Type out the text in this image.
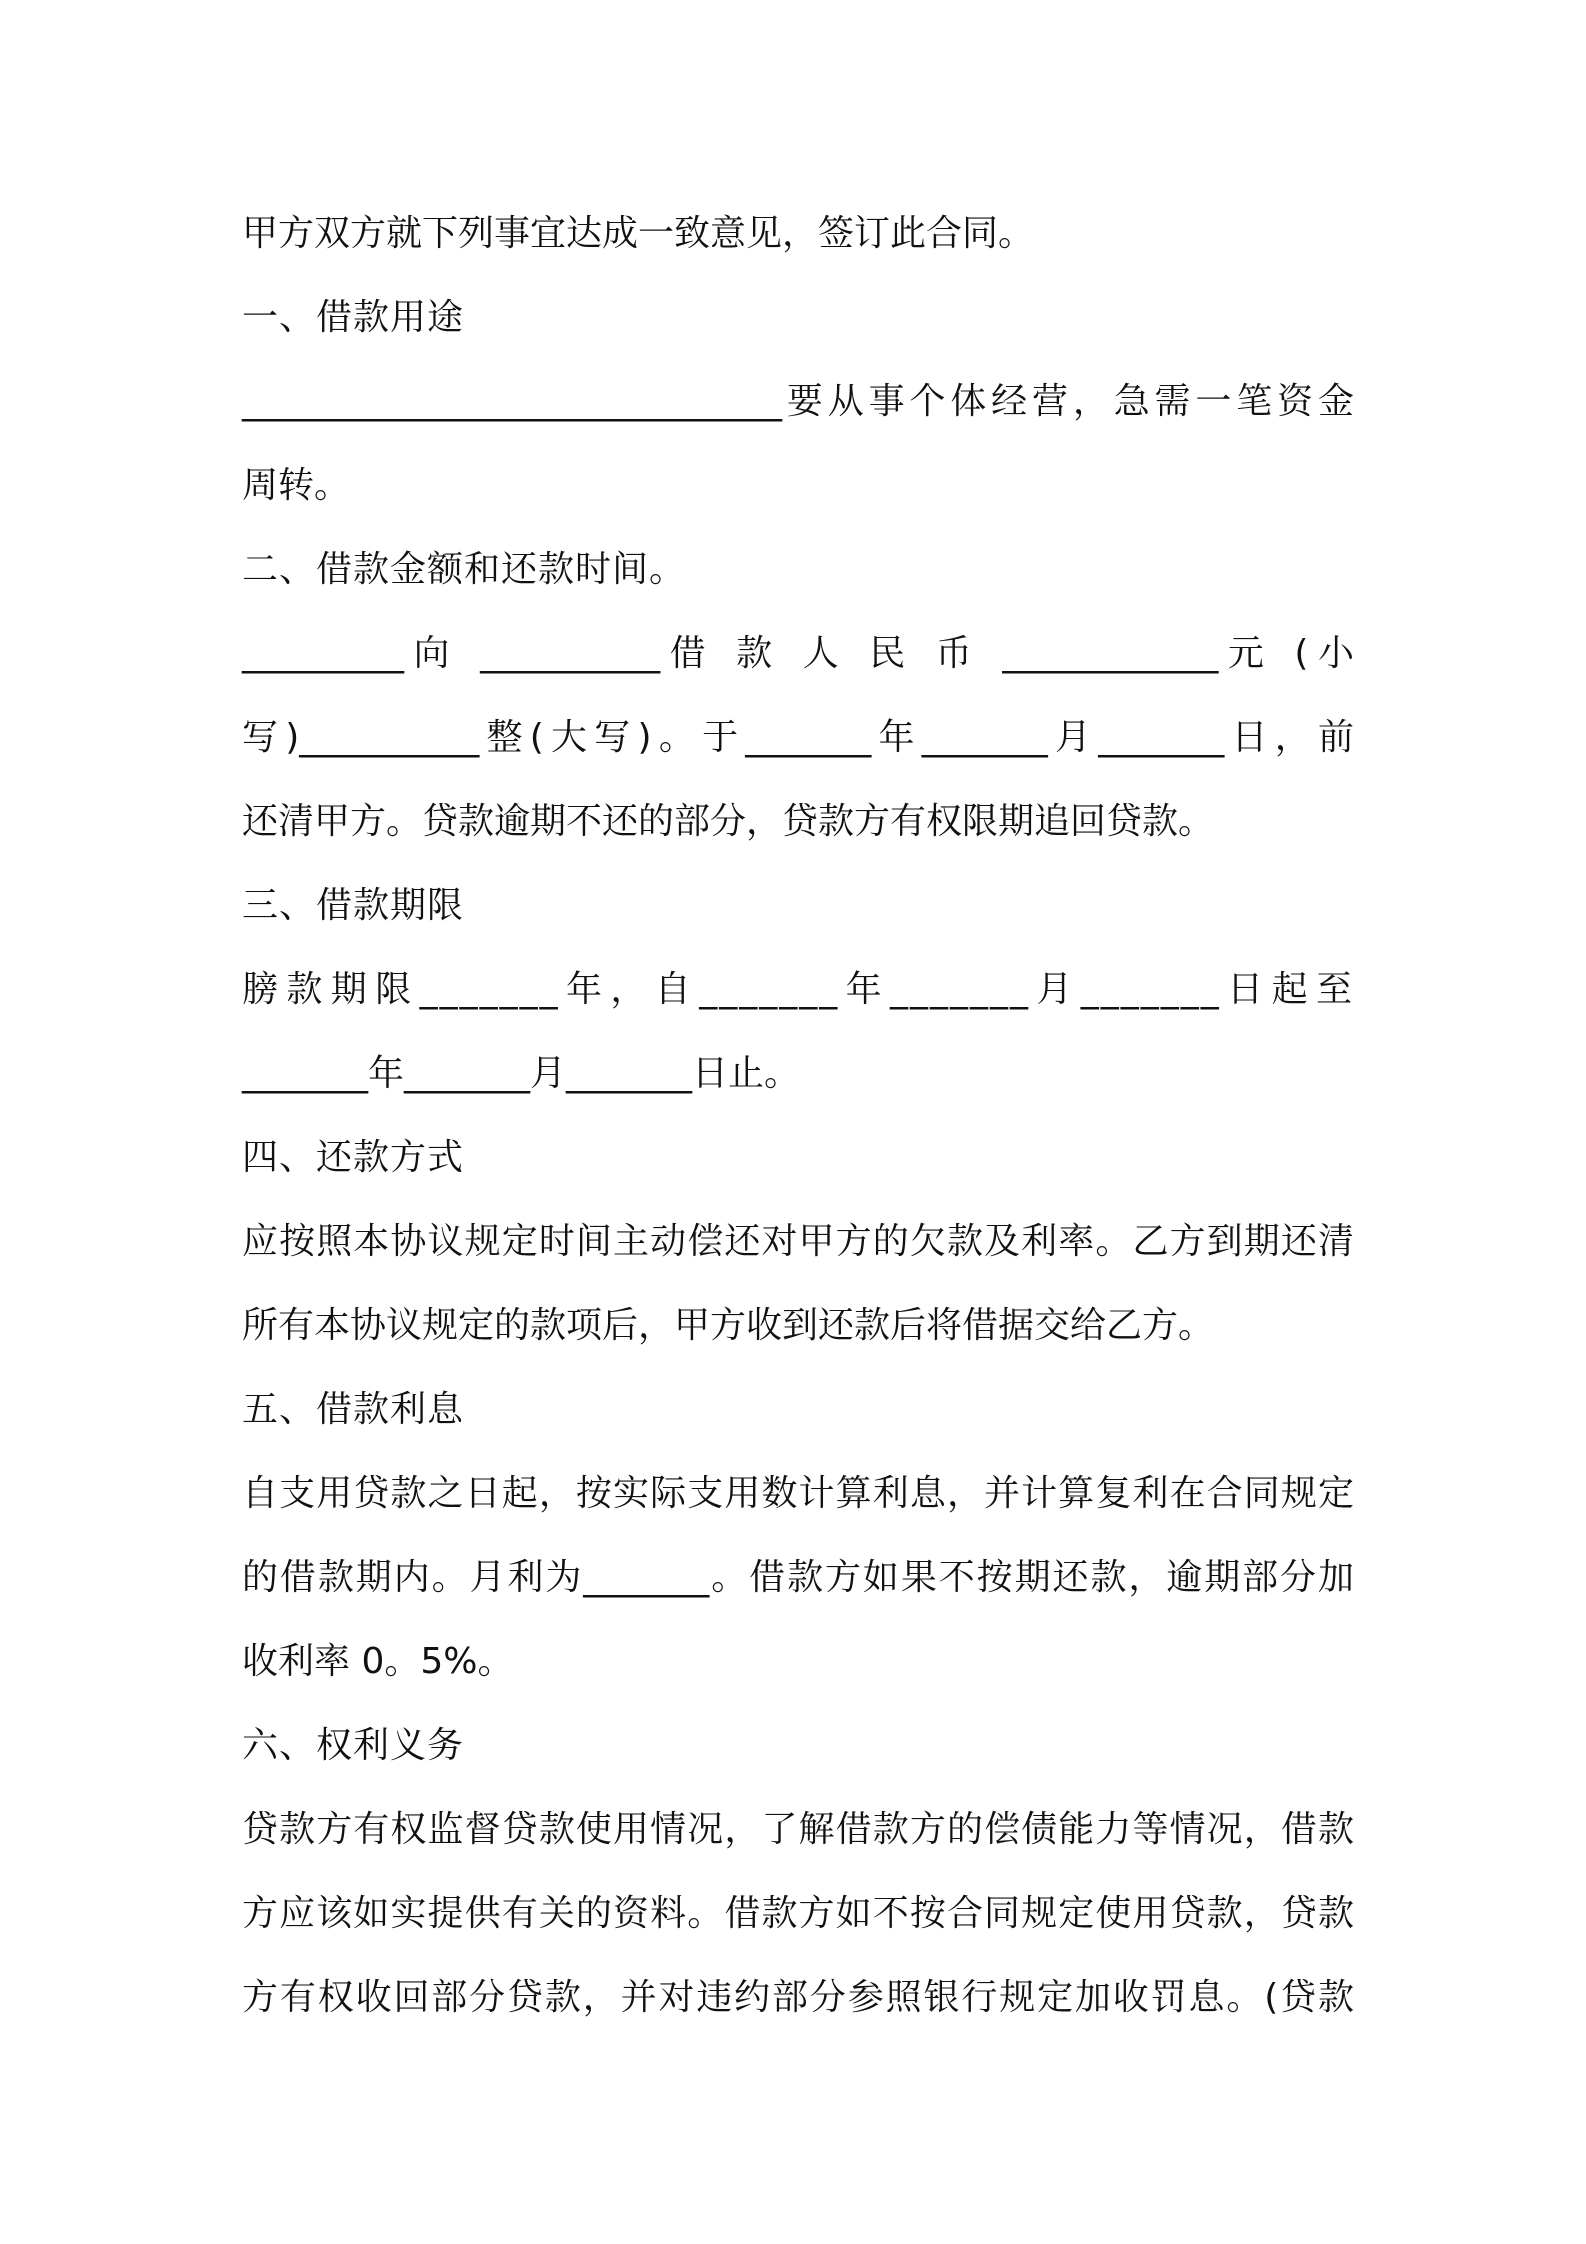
甲方双方就下列事宜达成一致意见，签订此合同。
一、借款用途
______________________________要从事个体经营，急需一笔资金
周转。
二、借款金额和还款时间。
_________向 __________借 款 人 民 币 ____________元 (小
写)__________整(大写)。于_______年_______月_______日，前
还清甲方。贷款逾期不还的部分，贷款方有权限期追回贷款。
三、借款期限
膀款期限_______年，自_______年_______月_______日起至
_______年_______月_______日止。
四、还款方式
应按照本协议规定时间主动偿还对甲方的欠款及利率。乙方到期还清
所有本协议规定的款项后，甲方收到还款后将借据交给乙方。
五、借款利息
自支用贷款之日起，按实际支用数计算利息，并计算复利在合同规定
的借款期内。月利为_______。借款方如果不按期还款，逾期部分加
收利率 0。5%。
六、权利义务
贷款方有权监督贷款使用情况，了解借款方的偿债能力等情况，借款
方应该如实提供有关的资料。借款方如不按合同规定使用贷款，贷款
方有权收回部分贷款，并对违约部分参照银行规定加收罚息。(贷款
